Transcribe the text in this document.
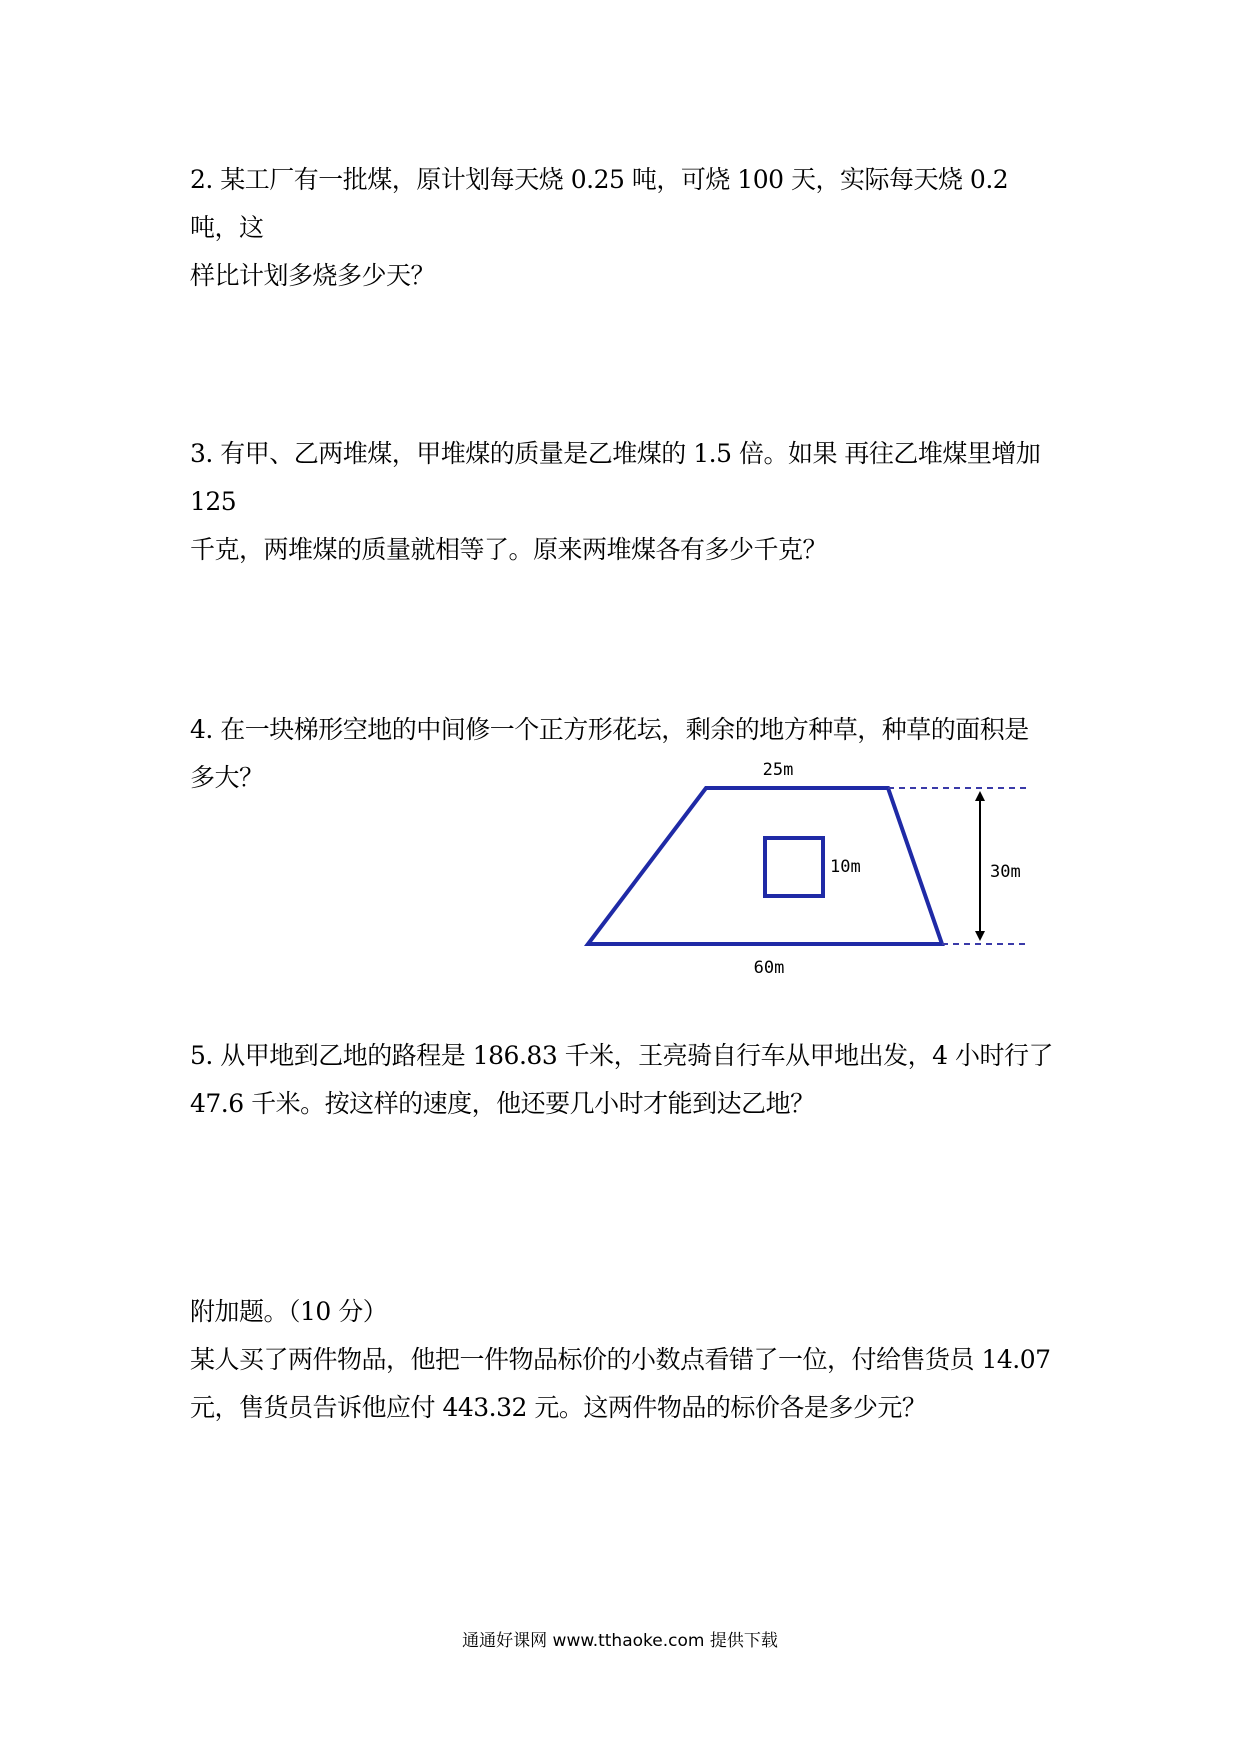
2. 某工厂有一批煤，原计划每天烧 0.25 吨，可烧 100 天，实际每天烧 0.2 吨，这

样比计划多烧多少天？

3. 有甲、乙两堆煤，甲堆煤的质量是乙堆煤的 1.5 倍。如果 再往乙堆煤里增加 125

千克，两堆煤的质量就相等了。原来两堆煤各有多少千克？

4. 在一块梯形空地的中间修一个正方形花坛，剩余的地方种草，种草的面积是

多大？	25m
60m
30m
10m

5. 从甲地到乙地的路程是 186.83 千米，王亮骑自行车从甲地出发，4 小时行了

47.6 千米。按这样的速度，他还要几小时才能到达乙地？

附加题。（10 分）

某人买了两件物品，他把一件物品标价的小数点看错了一位，付给售货员 14.07

元，售货员告诉他应付 443.32 元。这两件物品的标价各是多少元？

通通好课网 www.tthaoke.com 提供下载
